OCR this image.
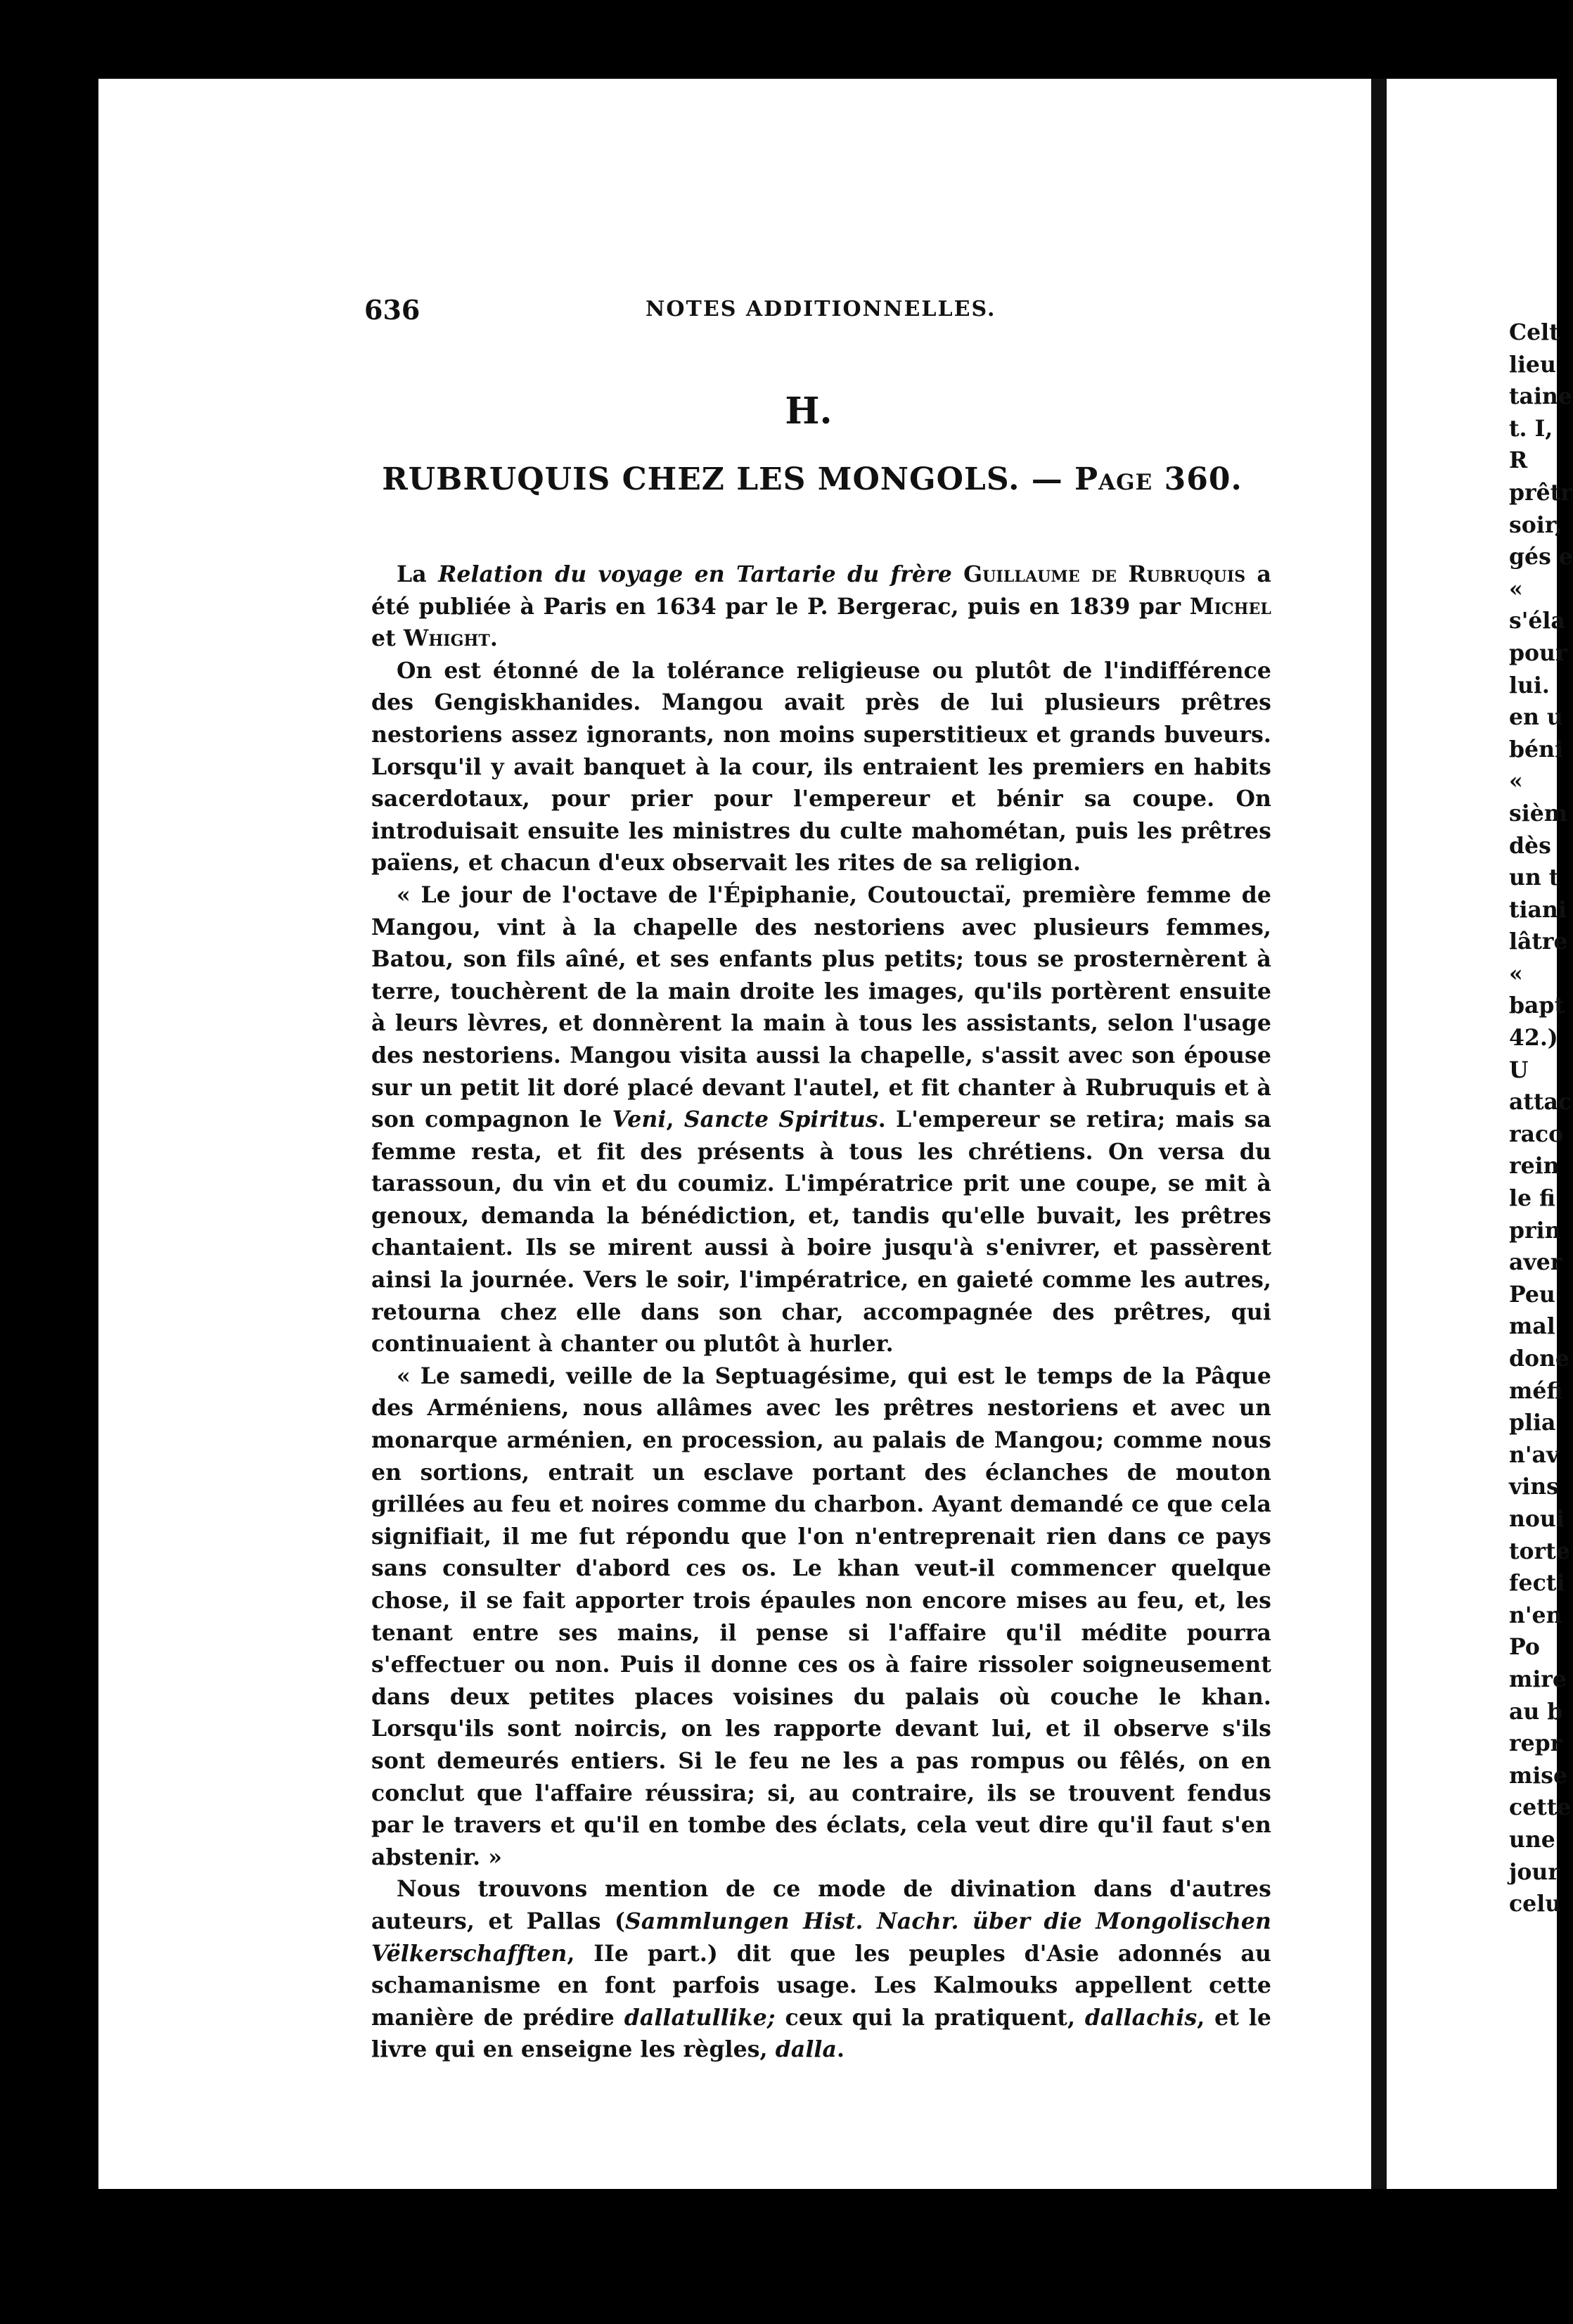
636	NOTES ADDITIONNELLES.
H.
RUBRUQUIS CHEZ LES MONGOLS. — Page 360.

La Relation du voyage en Tartarie du frère Guillaume de Rubruquis a été publiée à Paris en 1634 par le P. Bergerac, puis en 1839 par Michel et Whight.

On est étonné de la tolérance religieuse ou plutôt de l'indifférence des Gengiskhanides. Mangou avait près de lui plusieurs prêtres nestoriens assez ignorants, non moins superstitieux et grands buveurs. Lorsqu'il y avait banquet à la cour, ils entraient les premiers en habits sacerdotaux, pour prier pour l'empereur et bénir sa coupe. On introduisait ensuite les ministres du culte mahométan, puis les prêtres païens, et chacun d'eux observait les rites de sa religion.

« Le jour de l'octave de l'Épiphanie, Coutouctaï, première femme de Mangou, vint à la chapelle des nestoriens avec plusieurs femmes, Batou, son fils aîné, et ses enfants plus petits; tous se prosternèrent à terre, touchèrent de la main droite les images, qu'ils portèrent ensuite à leurs lèvres, et donnèrent la main à tous les assistants, selon l'usage des nestoriens. Mangou visita aussi la chapelle, s'assit avec son épouse sur un petit lit doré placé devant l'autel, et fit chanter à Rubruquis et à son compagnon le Veni, Sancte Spiritus. L'empereur se retira; mais sa femme resta, et fit des présents à tous les chrétiens. On versa du tarassoun, du vin et du coumiz. L'impératrice prit une coupe, se mit à genoux, demanda la bénédiction, et, tandis qu'elle buvait, les prêtres chantaient. Ils se mirent aussi à boire jusqu'à s'enivrer, et passèrent ainsi la journée. Vers le soir, l'impératrice, en gaieté comme les autres, retourna chez elle dans son char, accompagnée des prêtres, qui continuaient à chanter ou plutôt à hurler.

« Le samedi, veille de la Septuagésime, qui est le temps de la Pâque des Arméniens, nous allâmes avec les prêtres nestoriens et avec un monarque arménien, en procession, au palais de Mangou; comme nous en sortions, entrait un esclave portant des éclanches de mouton grillées au feu et noires comme du charbon. Ayant demandé ce que cela signifiait, il me fut répondu que l'on n'entreprenait rien dans ce pays sans consulter d'abord ces os. Le khan veut-il commencer quelque chose, il se fait apporter trois épaules non encore mises au feu, et, les tenant entre ses mains, il pense si l'affaire qu'il médite pourra s'effectuer ou non. Puis il donne ces os à faire rissoler soigneusement dans deux petites places voisines du palais où couche le khan. Lorsqu'ils sont noircis, on les rapporte devant lui, et il observe s'ils sont demeurés entiers. Si le feu ne les a pas rompus ou fêlés, on en conclut que l'affaire réussira; si, au contraire, ils se trouvent fendus par le travers et qu'il en tombe des éclats, cela veut dire qu'il faut s'en abstenir. »

Nous trouvons mention de ce mode de divination dans d'autres auteurs, et Pallas (Sammlungen Hist. Nachr. über die Mongolischen Vëlkerschafften, IIe part.) dit que les peuples d'Asie adonnés au schamanisme en font parfois usage. Les Kalmouks appellent cette manière de prédire dallatullike; ceux qui la pratiquent, dallachis, et le livre qui en enseigne les règles, dalla.

Celt
lieu
taine
t. I,
R
prêtr
soir,
gés e
«
s'éla
pour
lui.
en u
béni
«
sièm
dès
un t
tiani
lâtre
«
bapt
42.)
U
attac
raco
rein
le fi
prin
aver
Peu
mal
done
méfi
plia
n'av
vins
noui
torte
fecti
n'en
Po
mire
au b
repr
mise
cette
une
jour
celu
